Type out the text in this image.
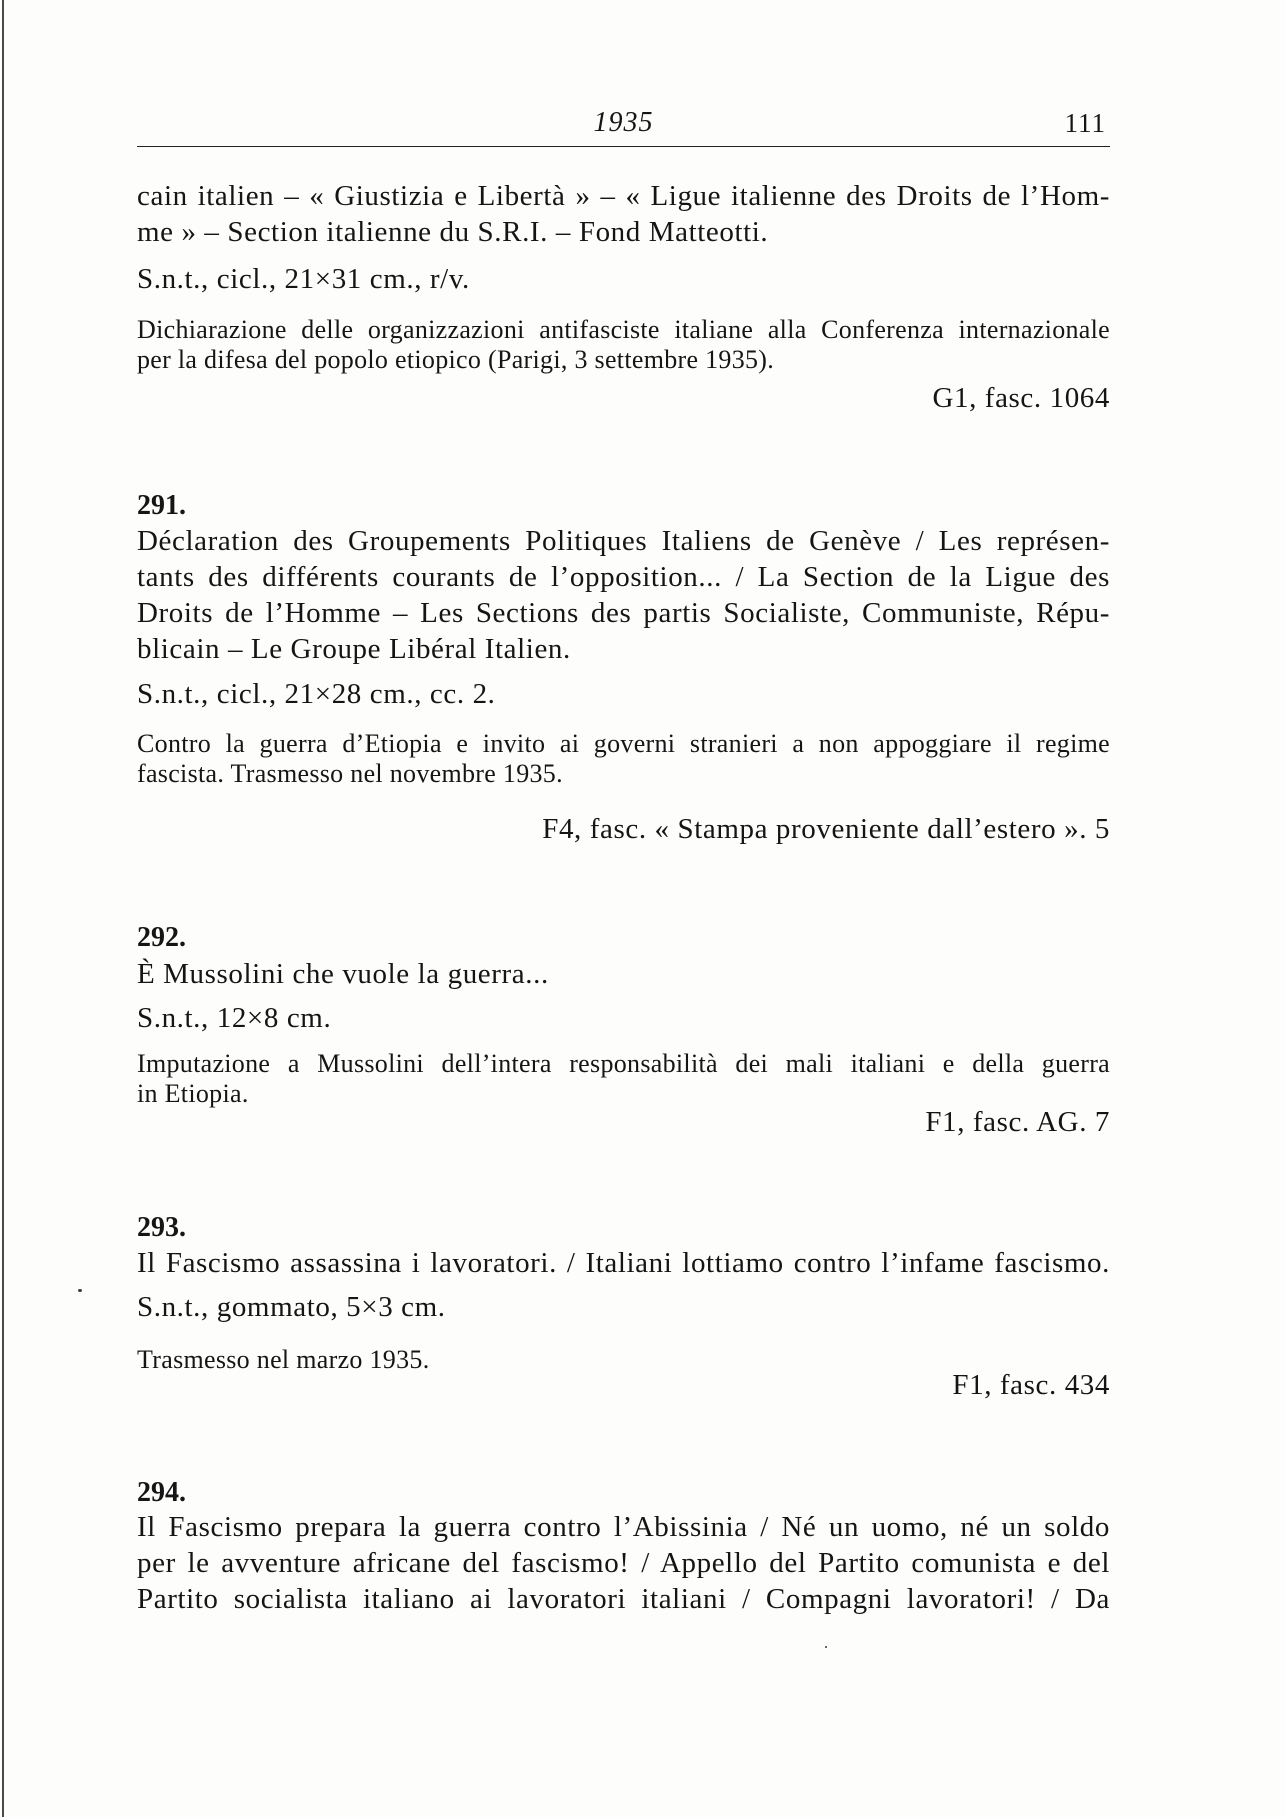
1935	111
cain italien – « Giustizia e Libertà » – « Ligue italienne des Droits de l’Hom-
me » – Section italienne du S.R.I. – Fond Matteotti.
S.n.t., cicl., 21×31 cm., r/v.
Dichiarazione delle organizzazioni antifasciste italiane alla Conferenza internazionale
per la difesa del popolo etiopico (Parigi, 3 settembre 1935).
G1, fasc. 1064
291.
Déclaration des Groupements Politiques Italiens de Genève / Les représen-
tants des différents courants de l’opposition... / La Section de la Ligue des
Droits de l’Homme – Les Sections des partis Socialiste, Communiste, Répu-
blicain – Le Groupe Libéral Italien.
S.n.t., cicl., 21×28 cm., cc. 2.
Contro la guerra d’Etiopia e invito ai governi stranieri a non appoggiare il regime
fascista. Trasmesso nel novembre 1935.
F4, fasc. « Stampa proveniente dall’estero ». 5
292.
È Mussolini che vuole la guerra...
S.n.t., 12×8 cm.
Imputazione a Mussolini dell’intera responsabilità dei mali italiani e della guerra
in Etiopia.
F1, fasc. AG. 7
293.
Il Fascismo assassina i lavoratori. / Italiani lottiamo contro l’infame fascismo.
S.n.t., gommato, 5×3 cm.
Trasmesso nel marzo 1935.
F1, fasc. 434
294.
Il Fascismo prepara la guerra contro l’Abissinia / Né un uomo, né un soldo
per le avventure africane del fascismo! / Appello del Partito comunista e del
Partito socialista italiano ai lavoratori italiani / Compagni lavoratori! / Da
